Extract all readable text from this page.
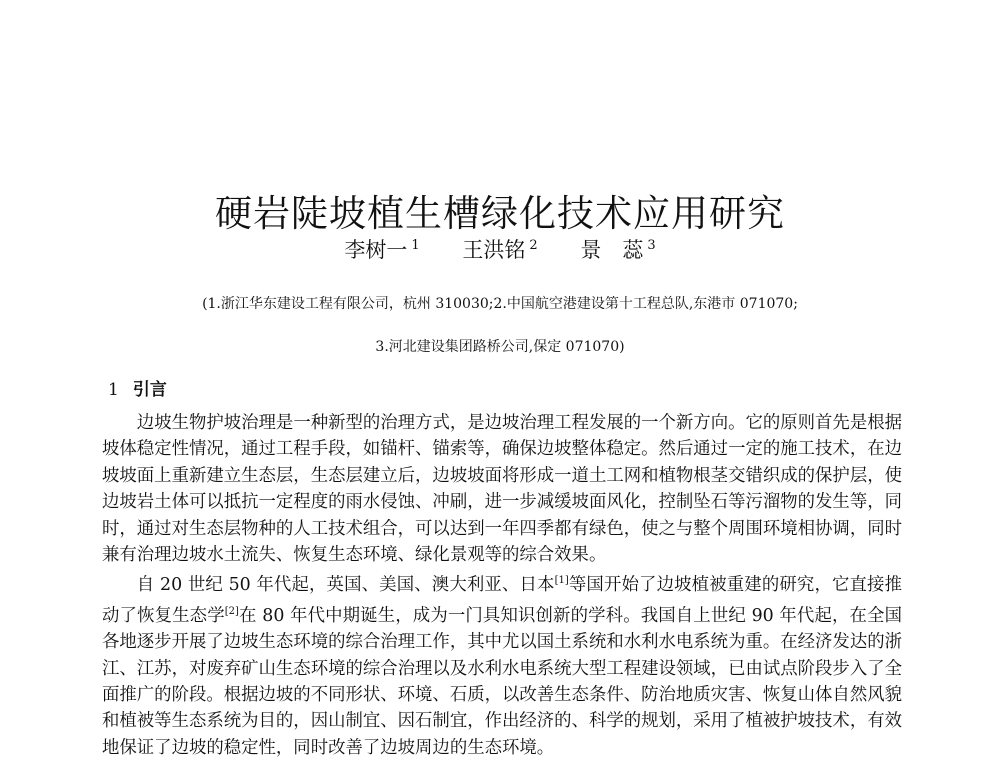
硬岩陡坡植生槽绿化技术应用研究
李树一 $^1$ 王洪铭 $^2$ 景　蕊 $^3$
(1.浙江华东建设工程有限公司，杭州 310030;2.中国航空港建设第十工程总队,东港市 071070;
3.河北建设集团路桥公司,保定 071070)
1 引言

边坡生物护坡治理是一种新型的治理方式，是边坡治理工程发展的一个新方向。它的原则首先是根据坡体稳定性情况，通过工程手段，如锚杆、锚索等，确保边坡整体稳定。然后通过一定的施工技术，在边坡坡面上重新建立生态层，生态层建立后，边坡坡面将形成一道土工网和植物根茎交错织成的保护层，使边坡岩土体可以抵抗一定程度的雨水侵蚀、冲刷，进一步减缓坡面风化，控制坠石等污溜物的发生等，同时，通过对生态层物种的人工技术组合，可以达到一年四季都有绿色，使之与整个周围环境相协调，同时兼有治理边坡水土流失、恢复生态环境、绿化景观等的综合效果。

自 20 世纪 50 年代起，英国、美国、澳大利亚、日本[1]等国开始了边坡植被重建的研究，它直接推动了恢复生态学[2]在 80 年代中期诞生，成为一门具知识创新的学科。我国自上世纪 90 年代起，在全国各地逐步开展了边坡生态环境的综合治理工作，其中尤以国土系统和水利水电系统为重。在经济发达的浙江、江苏，对废弃矿山生态环境的综合治理以及水利水电系统大型工程建设领域，已由试点阶段步入了全面推广的阶段。根据边坡的不同形状、环境、石质，以改善生态条件、防治地质灾害、恢复山体自然风貌和植被等生态系统为目的，因山制宜、因石制宜，作出经济的、科学的规划，采用了植被护坡技术，有效地保证了边坡的稳定性，同时改善了边坡周边的生态环境。
